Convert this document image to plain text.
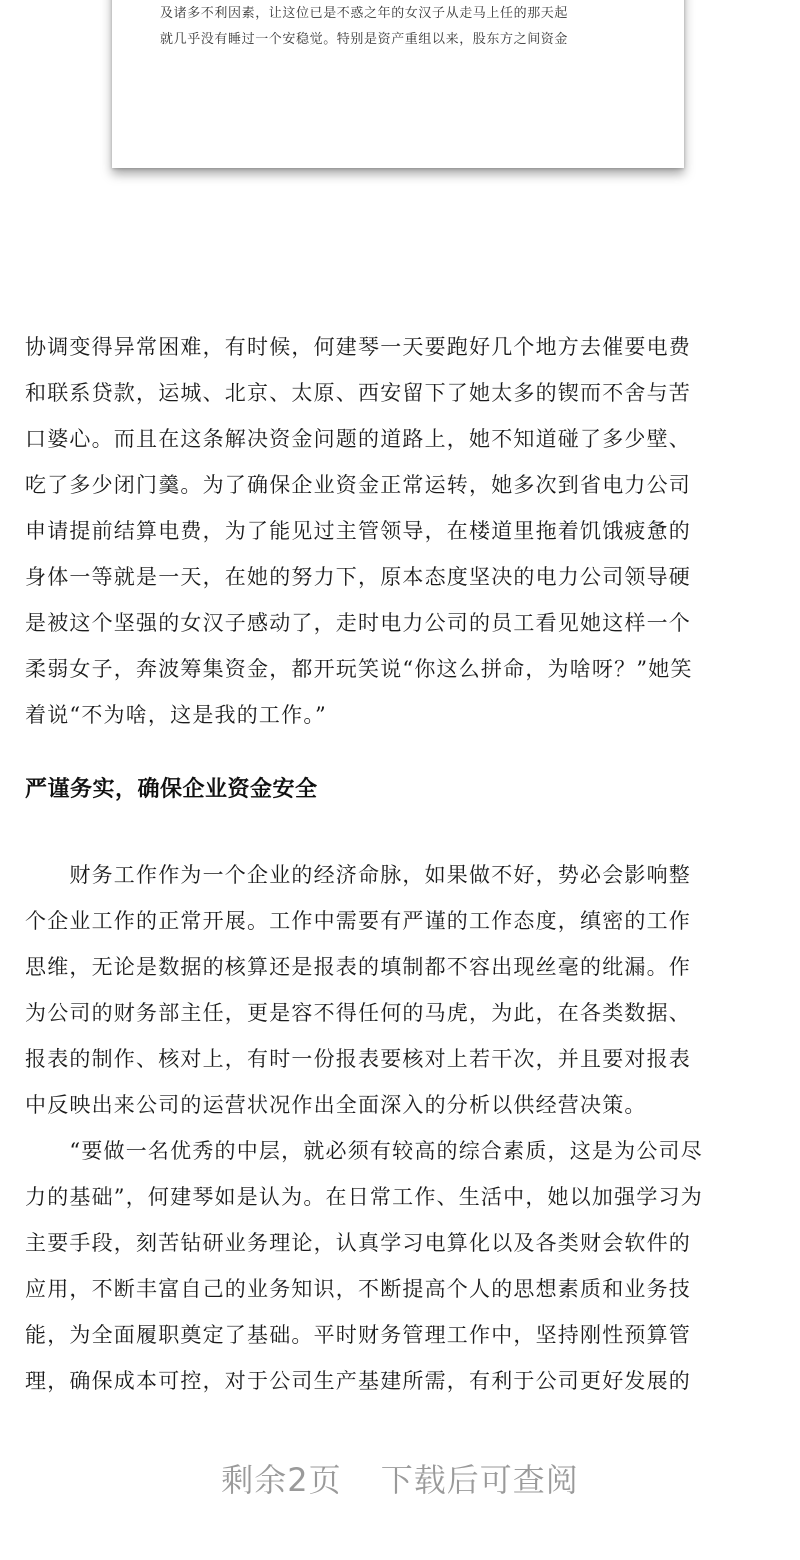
及诸多不利因素，让这位已是不惑之年的女汉子从走马上任的那天起
就几乎没有睡过一个安稳觉。特别是资产重组以来，股东方之间资金
协调变得异常困难，有时候，何建琴一天要跑好几个地方去催要电费
和联系贷款，运城、北京、太原、西安留下了她太多的锲而不舍与苦
口婆心。而且在这条解决资金问题的道路上，她不知道碰了多少壁、
吃了多少闭门羹。为了确保企业资金正常运转，她多次到省电力公司
申请提前结算电费，为了能见过主管领导，在楼道里拖着饥饿疲惫的
身体一等就是一天，在她的努力下，原本态度坚决的电力公司领导硬
是被这个坚强的女汉子感动了，走时电力公司的员工看见她这样一个
柔弱女子，奔波筹集资金，都开玩笑说“你这么拼命，为啥呀？”她笑
着说“不为啥，这是我的工作。”
严谨务实，确保企业资金安全
　　财务工作作为一个企业的经济命脉，如果做不好，势必会影响整
个企业工作的正常开展。工作中需要有严谨的工作态度，缜密的工作
思维，无论是数据的核算还是报表的填制都不容出现丝毫的纰漏。作
为公司的财务部主任，更是容不得任何的马虎，为此，在各类数据、
报表的制作、核对上，有时一份报表要核对上若干次，并且要对报表
中反映出来公司的运营状况作出全面深入的分析以供经营决策。
　　“要做一名优秀的中层，就必须有较高的综合素质，这是为公司尽
力的基础”，何建琴如是认为。在日常工作、生活中，她以加强学习为
主要手段，刻苦钻研业务理论，认真学习电算化以及各类财会软件的
应用，不断丰富自己的业务知识，不断提高个人的思想素质和业务技
能，为全面履职奠定了基础。平时财务管理工作中，坚持刚性预算管
理，确保成本可控，对于公司生产基建所需，有利于公司更好发展的
剩余2页 下载后可查阅
